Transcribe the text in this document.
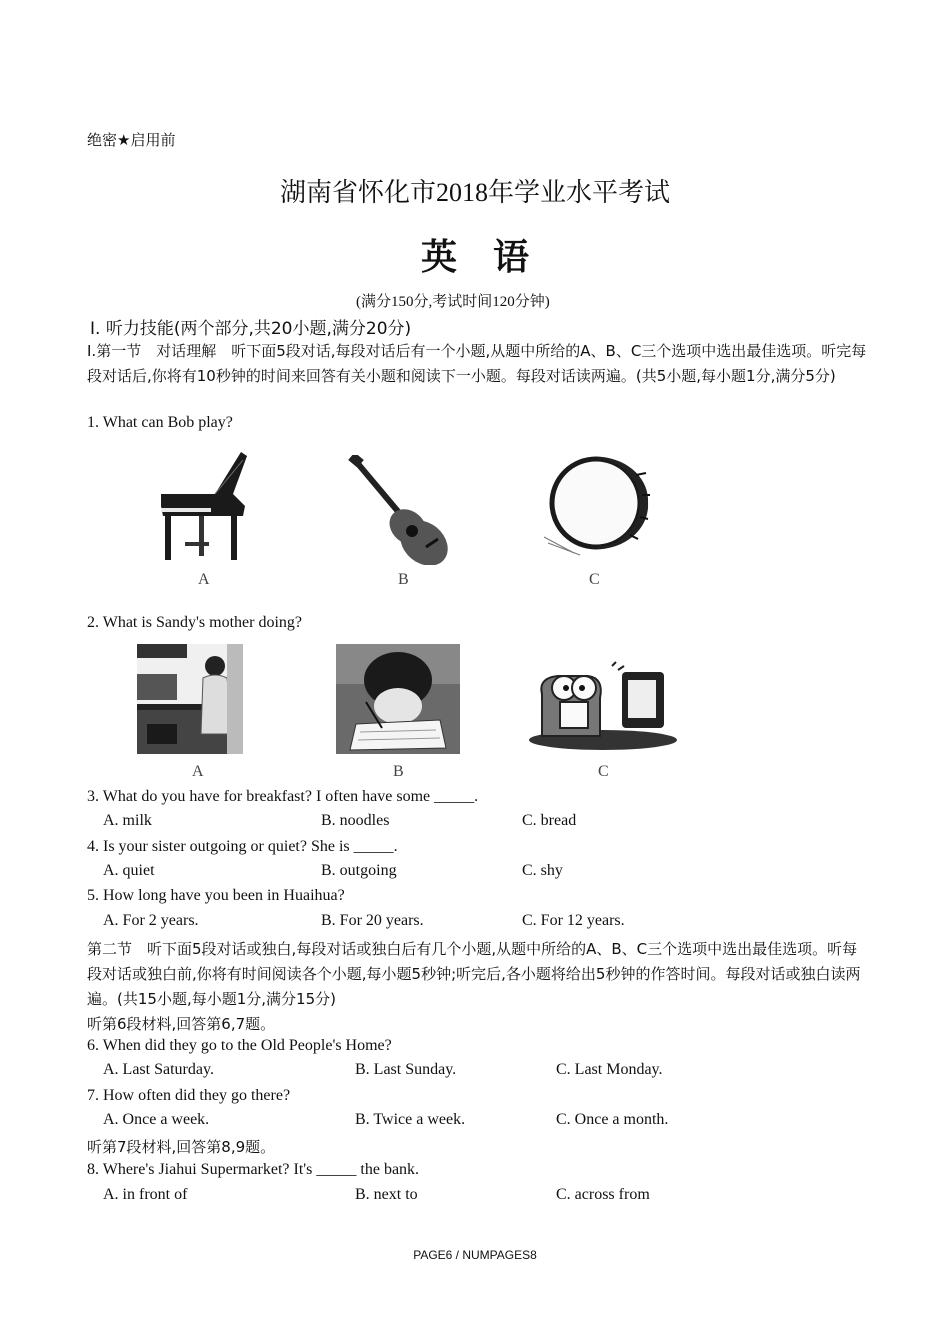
绝密★启用前
湖南省怀化市2018年学业水平考试
英　语
(满分150分,考试时间120分钟)
Ⅰ. 听力技能(两个部分,共20小题,满分20分)
Ⅰ.第一节　对话理解　听下面5段对话,每段对话后有一个小题,从题中所给的A、B、C三个选项中选出最佳选项。听完每段对话后,你将有10秒钟的时间来回答有关小题和阅读下一小题。每段对话读两遍。(共5小题,每小题1分,满分5分)
1. What can Bob play?
A	B	C
2. What is Sandy's mother doing?
A	B	C
3. What do you have for breakfast? I often have some _____.
A. milk	B. noodles	C. bread
4. Is your sister outgoing or quiet? She is _____.
A. quiet	B. outgoing	C. shy
5. How long have you been in Huaihua?
A. For 2 years.	B. For 20 years.	C. For 12 years.
第二节　听下面5段对话或独白,每段对话或独白后有几个小题,从题中所给的A、B、C三个选项中选出最佳选项。听每段对话或独白前,你将有时间阅读各个小题,每小题5秒钟;听完后,各小题将给出5秒钟的作答时间。每段对话或独白读两遍。(共15小题,每小题1分,满分15分)
听第6段材料,回答第6,7题。
6. When did they go to the Old People's Home?
A. Last Saturday.	B. Last Sunday.	C. Last Monday.
7. How often did they go there?
A. Once a week.	B. Twice a week.	C. Once a month.
听第7段材料,回答第8,9题。
8. Where's Jiahui Supermarket? It's _____ the bank.
A. in front of	B. next to	C. across from
PAGE6 / NUMPAGES8
